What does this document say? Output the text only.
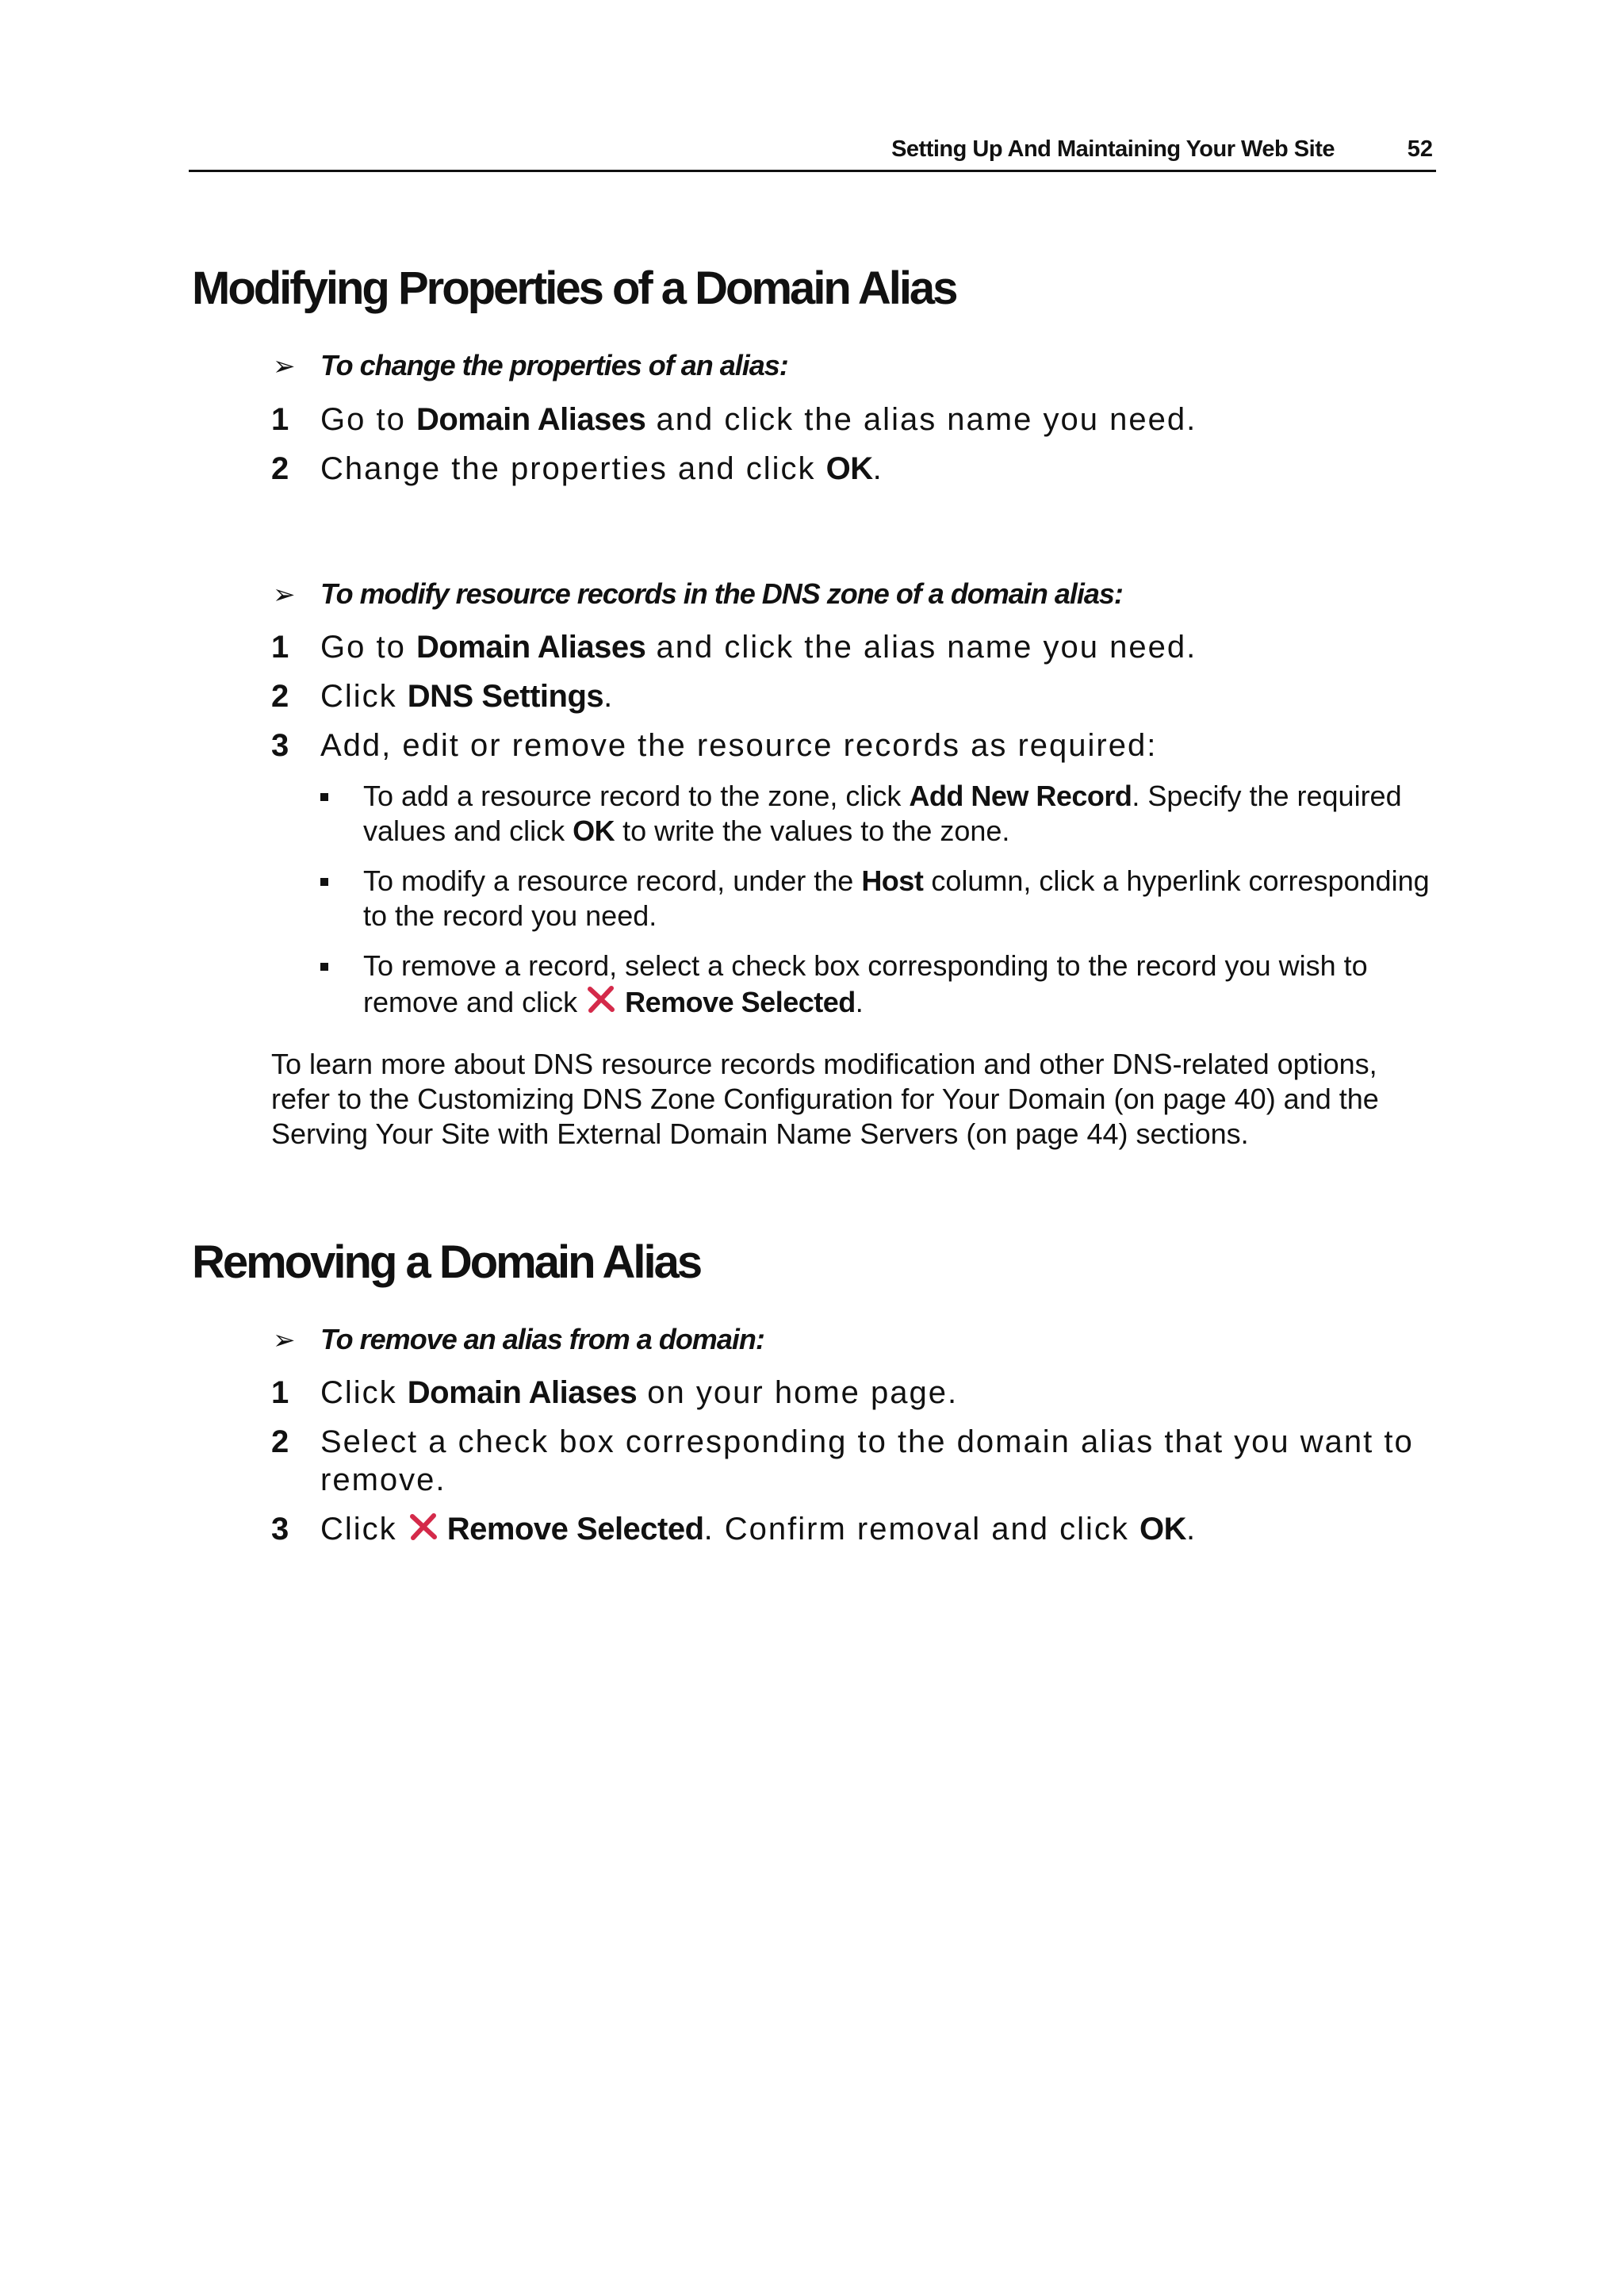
Setting Up And Maintaining Your Web Site	52
Modifying Properties of a Domain Alias
➢ To change the properties of an alias:
1 Go to Domain Aliases and click the alias name you need.
2 Change the properties and click OK.
➢ To modify resource records in the DNS zone of a domain alias:
1 Go to Domain Aliases and click the alias name you need.
2 Click DNS Settings.
3 Add, edit or remove the resource records as required:
To add a resource record to the zone, click Add New Record. Specify the required values and click OK to write the values to the zone.
To modify a resource record, under the Host column, click a hyperlink corresponding to the record you need.
To remove a record, select a check box corresponding to the record you wish to remove and click Remove Selected.
To learn more about DNS resource records modification and other DNS-related options, refer to the Customizing DNS Zone Configuration for Your Domain (on page 40) and the Serving Your Site with External Domain Name Servers (on page 44) sections.
Removing a Domain Alias
➢ To remove an alias from a domain:
1 Click Domain Aliases on your home page.
2 Select a check box corresponding to the domain alias that you want to remove.
3 Click Remove Selected. Confirm removal and click OK.
